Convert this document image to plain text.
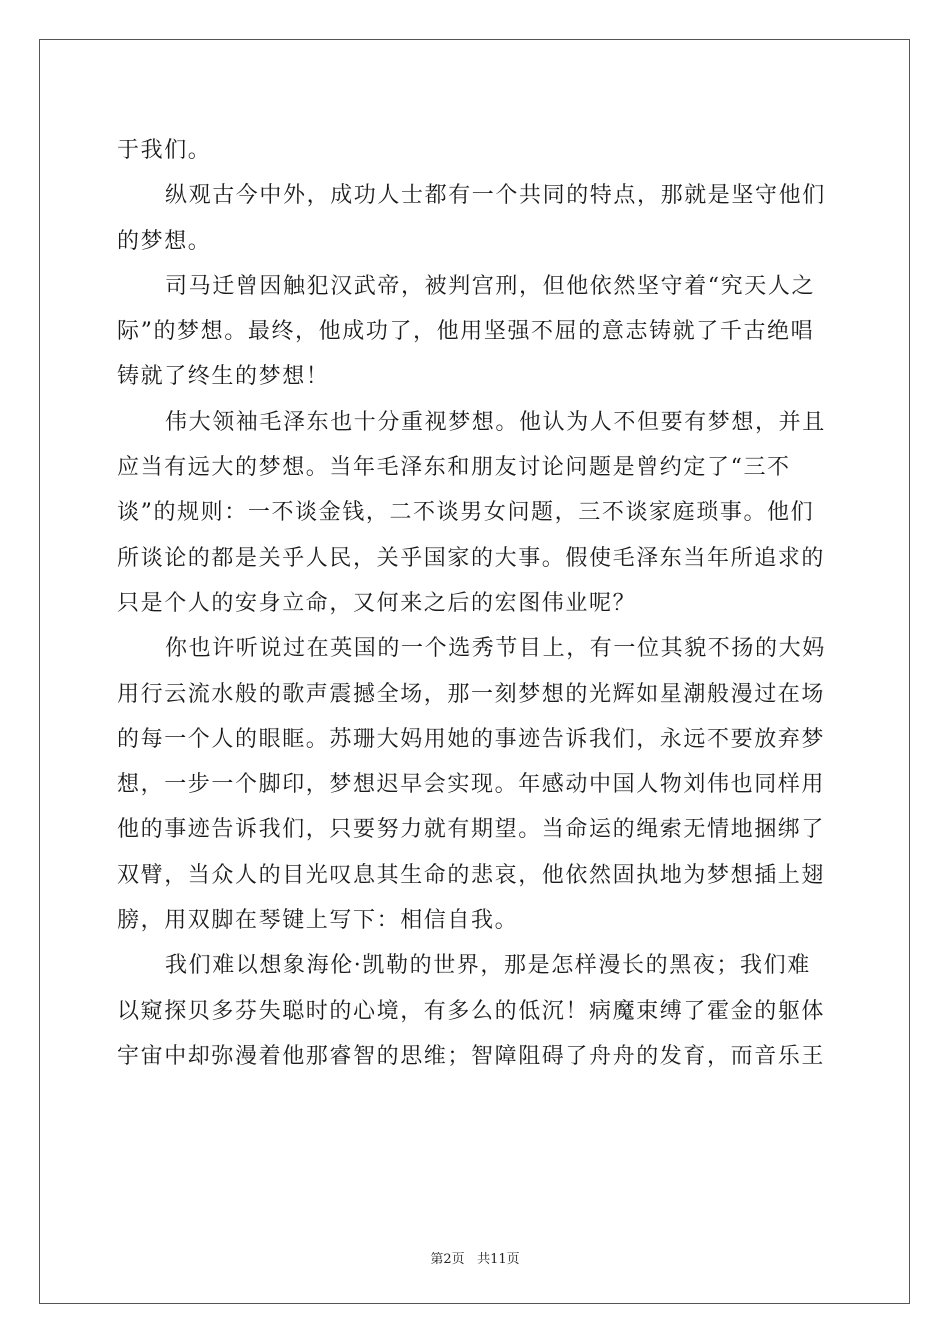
于我们。
纵观古今中外，成功人士都有一个共同的特点，那就是坚守他们
的梦想。
司马迁曾因触犯汉武帝，被判宫刑，但他依然坚守着“究天人之
际”的梦想。最终，他成功了，他用坚强不屈的意志铸就了千古绝唱
铸就了终生的梦想！
伟大领袖毛泽东也十分重视梦想。他认为人不但要有梦想，并且
应当有远大的梦想。当年毛泽东和朋友讨论问题是曾约定了“三不
谈”的规则：一不谈金钱，二不谈男女问题，三不谈家庭琐事。他们
所谈论的都是关乎人民，关乎国家的大事。假使毛泽东当年所追求的
只是个人的安身立命，又何来之后的宏图伟业呢？
你也许听说过在英国的一个选秀节目上，有一位其貌不扬的大妈
用行云流水般的歌声震撼全场，那一刻梦想的光辉如星潮般漫过在场
的每一个人的眼眶。苏珊大妈用她的事迹告诉我们，永远不要放弃梦
想，一步一个脚印，梦想迟早会实现。年感动中国人物刘伟也同样用
他的事迹告诉我们，只要努力就有期望。当命运的绳索无情地捆绑了
双臂，当众人的目光叹息其生命的悲哀，他依然固执地为梦想插上翅
膀，用双脚在琴键上写下：相信自我。
我们难以想象海伦·凯勒的世界，那是怎样漫长的黑夜；我们难
以窥探贝多芬失聪时的心境，有多么的低沉！病魔束缚了霍金的躯体
宇宙中却弥漫着他那睿智的思维；智障阻碍了舟舟的发育，而音乐王
第2页 共11页
